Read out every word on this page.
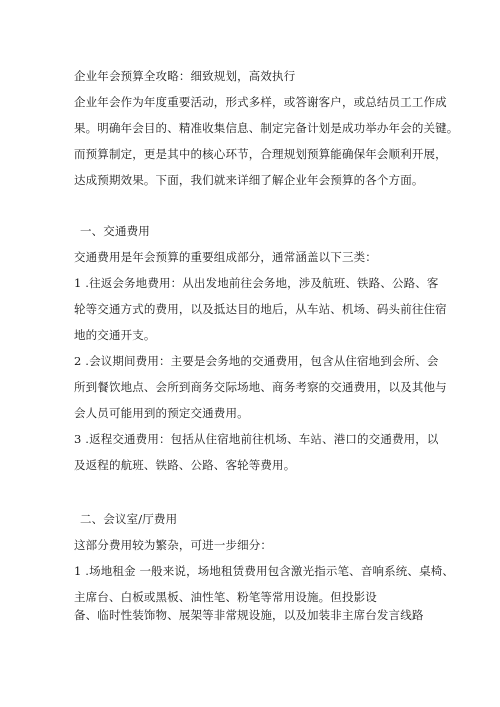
企业年会预算全攻略：细致规划，高效执行
企业年会作为年度重要活动，形式多样，或答谢客户，或总结员工工作成
果。明确年会目的、精准收集信息、制定完备计划是成功举办年会的关键。
而预算制定，更是其中的核心环节，合理规划预算能确保年会顺利开展，
达成预期效果。下面，我们就来详细了解企业年会预算的各个方面。
一、交通费用
交通费用是年会预算的重要组成部分，通常涵盖以下三类：
1 .往返会务地费用：从出发地前往会务地，涉及航班、铁路、公路、客
轮等交通方式的费用，以及抵达目的地后，从车站、机场、码头前往住宿
地的交通开支。
2 .会议期间费用：主要是会务地的交通费用，包含从住宿地到会所、会
所到餐饮地点、会所到商务交际场地、商务考察的交通费用，以及其他与
会人员可能用到的预定交通费用。
3 .返程交通费用：包括从住宿地前往机场、车站、港口的交通费用，以
及返程的航班、铁路、公路、客轮等费用。
二、会议室/厅费用
这部分费用较为繁杂，可进一步细分：
1 .场地租金 一般来说，场地租赁费用包含激光指示笔、音响系统、桌椅、
主席台、白板或黑板、油性笔、粉笔等常用设施。但投影设
备、临时性装饰物、展架等非常规设施，以及加装非主席台发言线路
